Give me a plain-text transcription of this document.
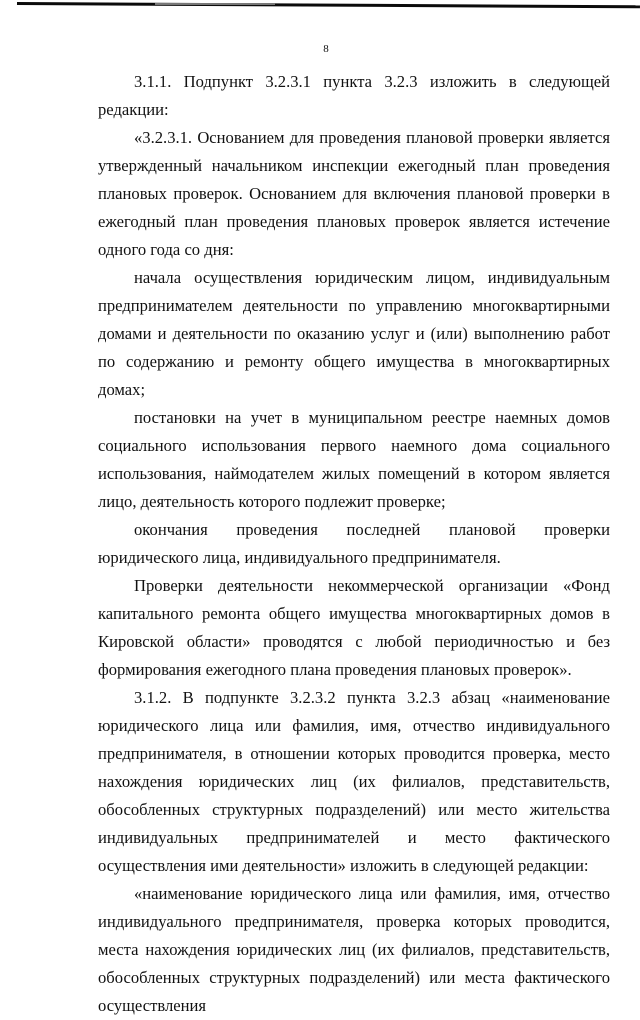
8

3.1.1. Подпункт 3.2.3.1 пункта 3.2.3 изложить в следующей редакции:

«3.2.3.1. Основанием для проведения плановой проверки является утвержденный начальником инспекции ежегодный план проведения плановых проверок. Основанием для включения плановой проверки в ежегодный план проведения плановых проверок является истечение одного года со дня:

начала осуществления юридическим лицом, индивидуальным предпринимателем деятельности по управлению многоквартирными домами и деятельности по оказанию услуг и (или) выполнению работ по содержанию и ремонту общего имущества в многоквартирных домах;

постановки на учет в муниципальном реестре наемных домов социального использования первого наемного дома социального использования, наймодателем жилых помещений в котором является лицо, деятельность которого подлежит проверке;

окончания проведения последней плановой проверки юридического лица, индивидуального предпринимателя.

Проверки деятельности некоммерческой организации «Фонд капитального ремонта общего имущества многоквартирных домов в Кировской области» проводятся с любой периодичностью и без формирования ежегодного плана проведения плановых проверок».

3.1.2. В подпункте 3.2.3.2 пункта 3.2.3 абзац «наименование юридического лица или фамилия, имя, отчество индивидуального предпринимателя, в отношении которых проводится проверка, место нахождения юридических лиц (их филиалов, представительств, обособленных структурных подразделений) или место жительства индивидуальных предпринимателей и место фактического осуществления ими деятельности» изложить в следующей редакции:

«наименование юридического лица или фамилия, имя, отчество индивидуального предпринимателя, проверка которых проводится, места нахождения юридических лиц (их филиалов, представительств, обособленных структурных подразделений) или места фактического осуществления
